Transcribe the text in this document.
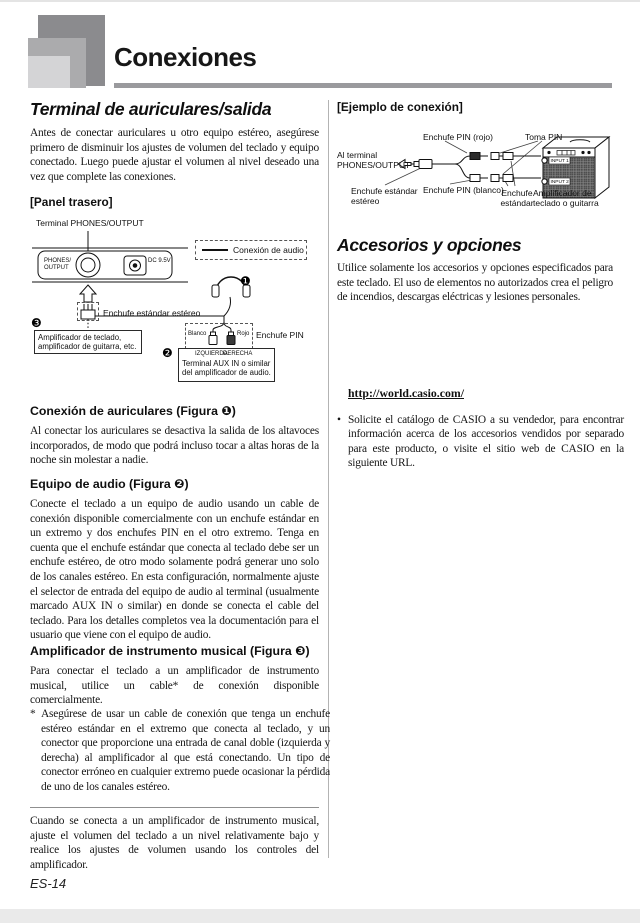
Conexiones
Terminal de auriculares/salida
Antes de conectar auriculares u otro equipo estéreo, asegúrese primero de disminuir los ajustes de volumen del teclado y equipo conectado. Luego puede ajustar el volumen al nivel deseado una vez que complete las conexiones.
[Panel trasero]
Terminal PHONES/OUTPUT
PHONES/
OUTPUT
DC 9.5V
Conexión de audio
Enchufe estándar estéreo
❶
❸
Amplificador de teclado, amplificador de guitarra, etc.
Blanco	Rojo Enchufe PIN
❷	IZQUIERDA
DERECHA
Terminal AUX IN o similar del amplificador de audio.
Conexión de auriculares (Figura ❶)
Al conectar los auriculares se desactiva la salida de los altavoces incorporados, de modo que podrá incluso tocar a altas horas de la noche sin molestar a nadie.
Equipo de audio (Figura ❷)
Conecte el teclado a un equipo de audio usando un cable de conexión disponible comercialmente con un enchufe estándar en un extremo y dos enchufes PIN en el otro extremo. Tenga en cuenta que el enchufe estándar que conecta al teclado debe ser un enchufe estéreo, de otro modo solamente podrá generar uno solo de los canales estéreo. En esta configuración, normalmente ajuste el selector de entrada del equipo de audio al terminal (usualmente marcado AUX IN o similar) en donde se conecta el cable del teclado. Para los detalles completos vea la documentación para el usuario que viene con el equipo de audio.
Amplificador de instrumento musical (Figura ❸)
Para conectar el teclado a un amplificador de instrumento musical, utilice un cable* de conexión disponible comercialmente.
* Asegúrese de usar un cable de conexión que tenga un enchufe estéreo estándar en el extremo que conecta al teclado, y un conector que proporcione una entrada de canal doble (izquierda y derecha) al amplificador al que está conectando. Un tipo de conector erróneo en cualquier extremo puede ocasionar la pérdida de uno de los canales estéreo.
Cuando se conecta a un amplificador de instrumento musical, ajuste el volumen del teclado a un nivel relativamente bajo y realice los ajustes de volumen usando los controles del amplificador.
ES-14
[Ejemplo de conexión]
INPUT 1
INPUT 2
Enchufe PIN (rojo)	Toma PIN
Al terminal
PHONES/OUTPUT
Enchufe PIN (blanco)
Enchufe estándar
estéreo
Enchufe
estándar
Amplificador de
teclado o guitarra
Accesorios y opciones
Utilice solamente los accesorios y opciones especificados para este teclado. El uso de elementos no autorizados crea el peligro de incendios, descargas eléctricas y lesiones personales.
• Solicite el catálogo de CASIO a su vendedor, para encontrar información acerca de los accesorios vendidos por separado para este producto, o visite el sitio web de CASIO en la siguiente URL.
http://world.casio.com/
